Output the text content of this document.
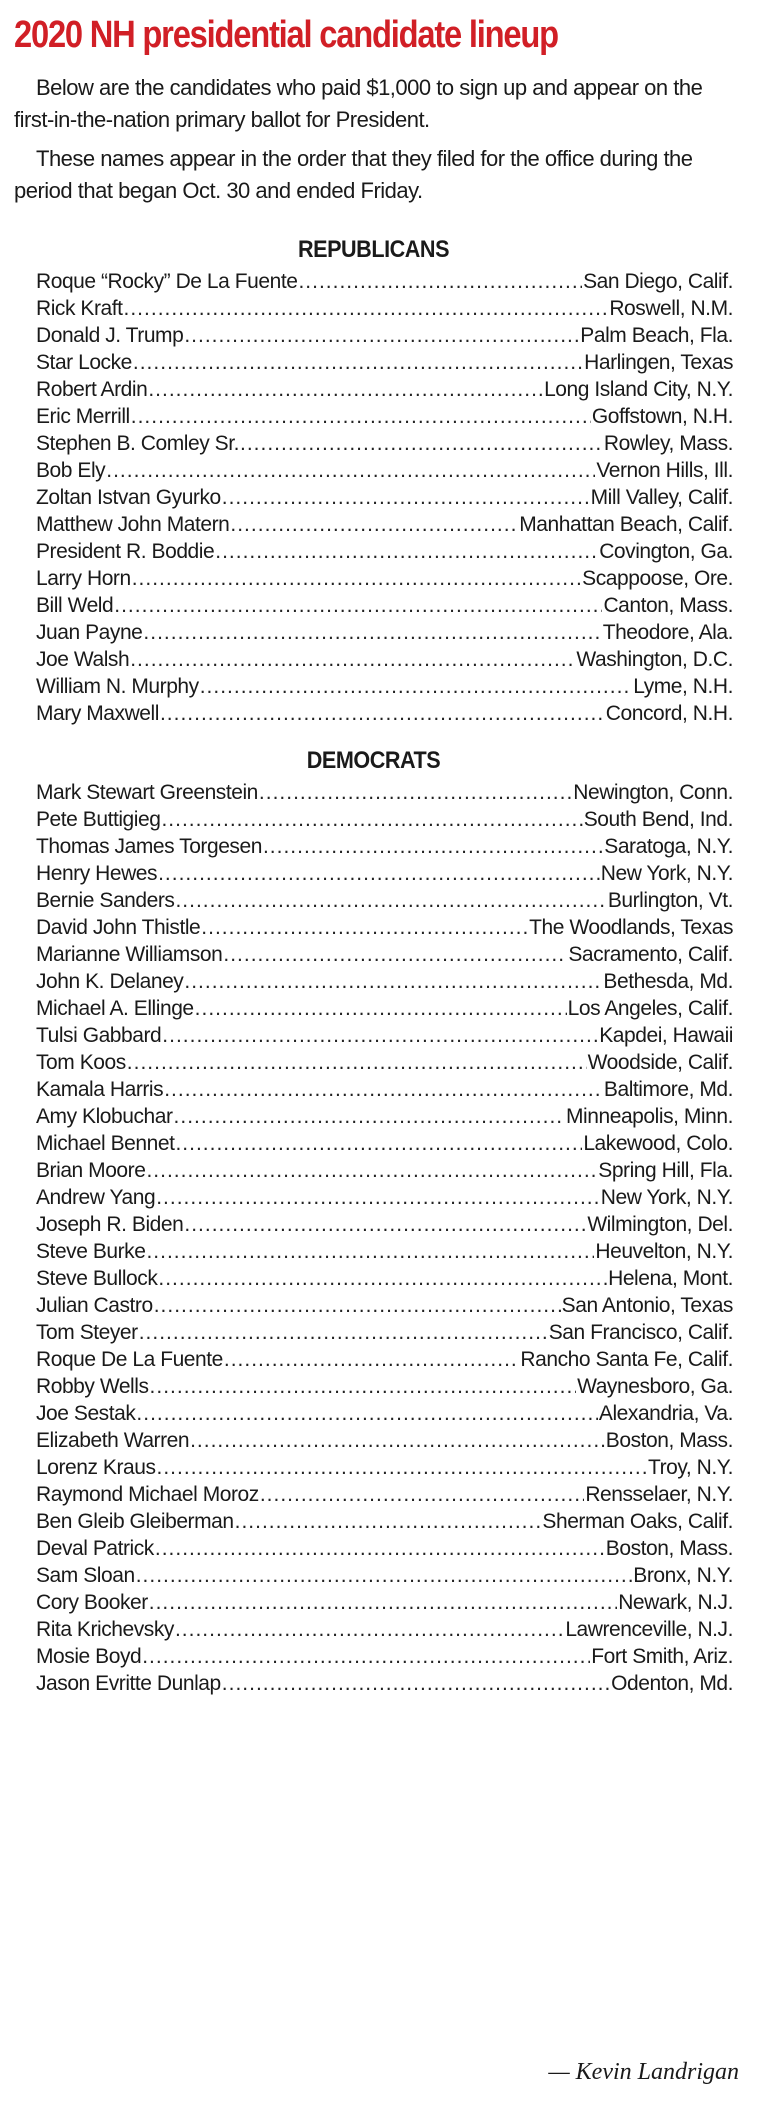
2020 NH presidential candidate lineup

Below are the candidates who paid $1,000 to sign up and appear on the first-in-the-nation primary ballot for President.

These names appear in the order that they filed for the office during the period that began Oct. 30 and ended Friday.

REPUBLICANS
Roque “Rocky” De La Fuente .....	San Diego, Calif.
Rick Kraft .....	Roswell, N.M.
Donald J. Trump .....	Palm Beach, Fla.
Star Locke .....	Harlingen, Texas
Robert Ardin .....	Long Island City, N.Y.
Eric Merrill .....	Goffstown, N.H.
Stephen B. Comley Sr. .....	Rowley, Mass.
Bob Ely .....	Vernon Hills, Ill.
Zoltan Istvan Gyurko .....	Mill Valley, Calif.
Matthew John Matern .....	Manhattan Beach, Calif.
President R. Boddie .....	Covington, Ga.
Larry Horn .....	Scappoose, Ore.
Bill Weld .....	Canton, Mass.
Juan Payne .....	Theodore, Ala.
Joe Walsh .....	Washington, D.C.
William N. Murphy .....	Lyme, N.H.
Mary Maxwell .....	Concord, N.H.
DEMOCRATS
Mark Stewart Greenstein .....	Newington, Conn.
Pete Buttigieg .....	South Bend, Ind.
Thomas James Torgesen .....	Saratoga, N.Y.
Henry Hewes .....	New York, N.Y.
Bernie Sanders .....	Burlington, Vt.
David John Thistle .....	The Woodlands, Texas
Marianne Williamson .....	Sacramento, Calif.
John K. Delaney .....	Bethesda, Md.
Michael A. Ellinge .....	Los Angeles, Calif.
Tulsi Gabbard .....	Kapdei, Hawaii
Tom Koos .....	Woodside, Calif.
Kamala Harris .....	Baltimore, Md.
Amy Klobuchar .....	Minneapolis, Minn.
Michael Bennet .....	Lakewood, Colo.
Brian Moore .....	Spring Hill, Fla.
Andrew Yang .....	New York, N.Y.
Joseph R. Biden .....	Wilmington, Del.
Steve Burke .....	Heuvelton, N.Y.
Steve Bullock .....	Helena, Mont.
Julian Castro .....	San Antonio, Texas
Tom Steyer .....	San Francisco, Calif.
Roque De La Fuente .....	Rancho Santa Fe, Calif.
Robby Wells .....	Waynesboro, Ga.
Joe Sestak .....	Alexandria, Va.
Elizabeth Warren .....	Boston, Mass.
Lorenz Kraus .....	Troy, N.Y.
Raymond Michael Moroz .....	Rensselaer, N.Y.
Ben Gleib Gleiberman .....	Sherman Oaks, Calif.
Deval Patrick .....	Boston, Mass.
Sam Sloan .....	Bronx, N.Y.
Cory Booker .....	Newark, N.J.
Rita Krichevsky .....	Lawrenceville, N.J.
Mosie Boyd .....	Fort Smith, Ariz.
Jason Evritte Dunlap .....	Odenton, Md.
— Kevin Landrigan
